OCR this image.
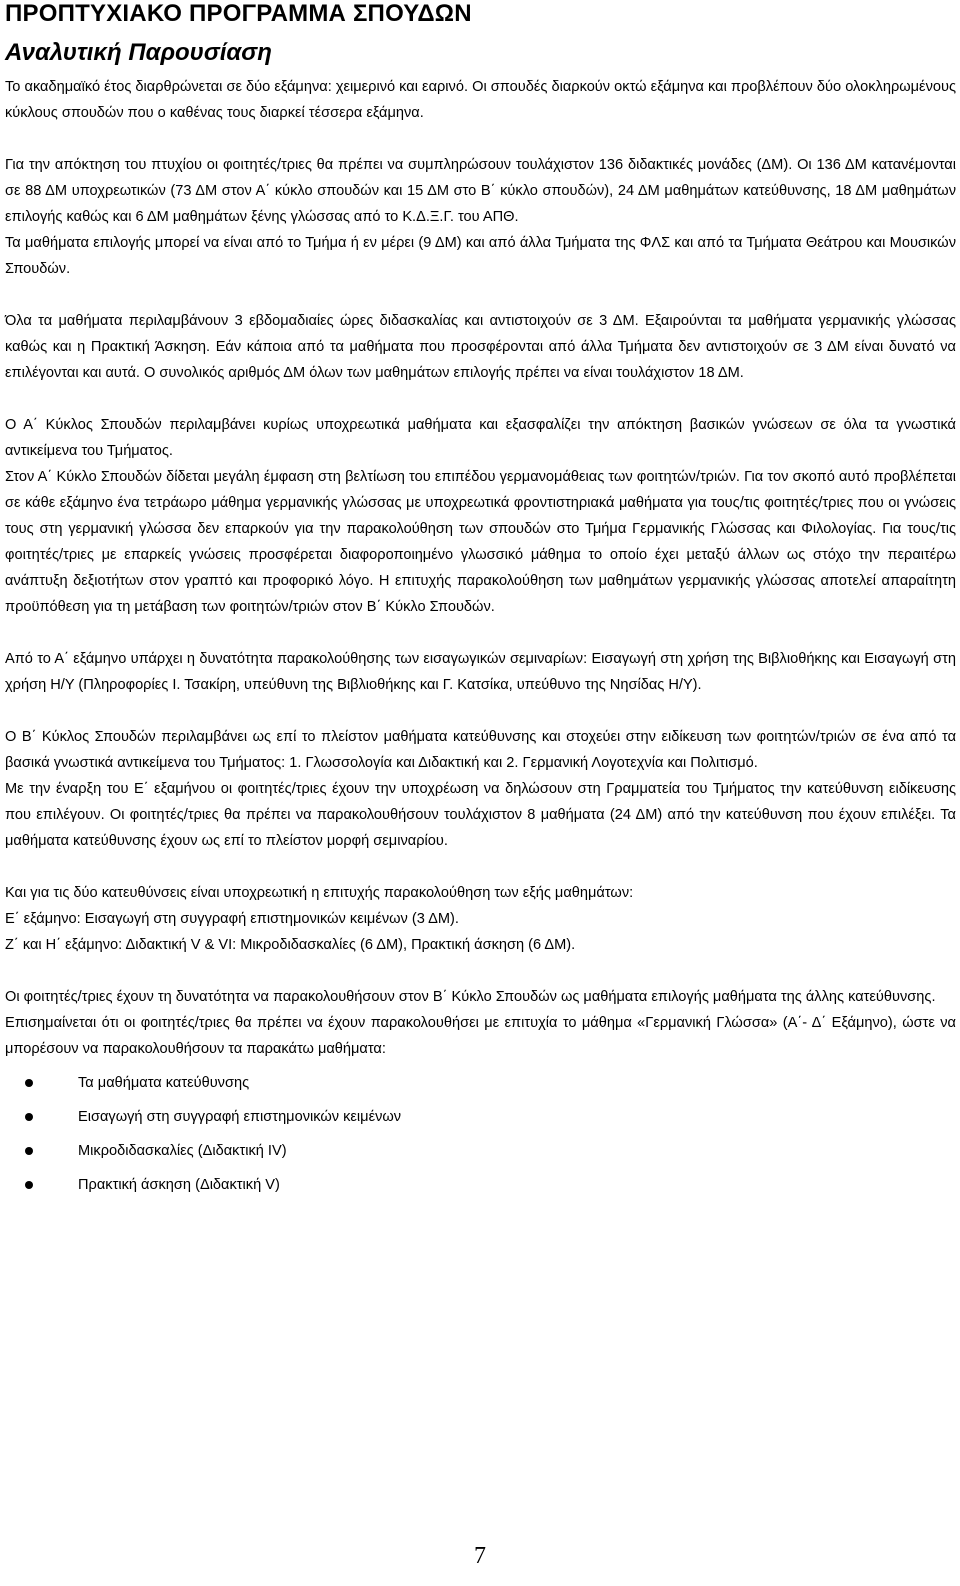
ΠΡΟΠΤΥΧΙΑΚΟ ΠΡΟΓΡΑΜΜΑ ΣΠΟΥΔΩΝ
Αναλυτική Παρουσίαση

Το ακαδημαϊκό έτος διαρθρώνεται σε δύο εξάμηνα: χειμερινό και εαρινό. Οι σπουδές διαρκούν οκτώ εξάμηνα και προβλέπουν δύο ολοκληρωμένους κύκλους σπουδών που ο καθένας τους διαρκεί τέσσερα εξάμηνα.

Για την απόκτηση του πτυχίου οι φοιτητές/τριες θα πρέπει να συμπληρώσουν τουλάχιστον 136 διδακτικές μονάδες (ΔΜ). Οι 136 ΔΜ κατανέμονται σε 88 ΔΜ υποχρεωτικών (73 ΔΜ στον Α΄ κύκλο σπουδών και 15 ΔΜ στο Β΄ κύκλο σπουδών), 24 ΔΜ μαθημάτων κατεύθυνσης, 18 ΔΜ μαθημάτων επιλογής καθώς και 6 ΔΜ μαθημάτων ξένης γλώσσας από το Κ.Δ.Ξ.Γ. του ΑΠΘ.

Τα μαθήματα επιλογής μπορεί να είναι από το Τμήμα ή εν μέρει (9 ΔΜ) και από άλλα Τμήματα της ΦΛΣ και από τα Τμήματα Θεάτρου και Μουσικών Σπουδών.

Όλα τα μαθήματα περιλαμβάνουν 3 εβδομαδιαίες ώρες διδασκαλίας και αντιστοιχούν σε 3 ΔΜ. Εξαιρούνται τα μαθήματα γερμανικής γλώσσας καθώς και η Πρακτική Άσκηση. Εάν κάποια από τα μαθήματα που προσφέρονται από άλλα Τμήματα δεν αντιστοιχούν σε 3 ΔΜ είναι δυνατό να επιλέγονται και αυτά. Ο συνολικός αριθμός ΔΜ όλων των μαθημάτων επιλογής πρέπει να είναι τουλάχιστον 18 ΔΜ.

Ο Α΄ Κύκλος Σπουδών περιλαμβάνει κυρίως υποχρεωτικά μαθήματα και εξασφαλίζει την απόκτηση βασικών γνώσεων σε όλα τα γνωστικά αντικείμενα του Τμήματος.

Στον Α΄ Κύκλο Σπουδών δίδεται μεγάλη έμφαση στη βελτίωση του επιπέδου γερμανομάθειας των φοιτητών/τριών. Για τον σκοπό αυτό προβλέπεται σε κάθε εξάμηνο ένα τετράωρο μάθημα γερμανικής γλώσσας με υποχρεωτικά φροντιστηριακά μαθήματα για τους/τις φοιτητές/τριες που οι γνώσεις τους στη γερμανική γλώσσα δεν επαρκούν για την παρακολούθηση των σπουδών στο Τμήμα Γερμανικής Γλώσσας και Φιλολογίας. Για τους/τις φοιτητές/τριες με επαρκείς γνώσεις προσφέρεται διαφοροποιημένο γλωσσικό μάθημα το οποίο έχει μεταξύ άλλων ως στόχο την περαιτέρω ανάπτυξη δεξιοτήτων στον γραπτό και προφορικό λόγο. Η επιτυχής παρακολούθηση των μαθημάτων γερμανικής γλώσσας αποτελεί απαραίτητη προϋπόθεση για τη μετάβαση των φοιτητών/τριών στον Β΄ Κύκλο Σπουδών.

Από το Α΄ εξάμηνο υπάρχει η δυνατότητα παρακολούθησης των εισαγωγικών σεμιναρίων: Εισαγωγή στη χρήση της Βιβλιοθήκης και Εισαγωγή στη χρήση Η/Υ (Πληροφορίες Ι. Τσακίρη, υπεύθυνη της Βιβλιοθήκης και Γ. Κατσίκα, υπεύθυνο της Νησίδας Η/Υ).

Ο Β΄ Κύκλος Σπουδών περιλαμβάνει ως επί το πλείστον μαθήματα κατεύθυνσης και στοχεύει στην ειδίκευση των φοιτητών/τριών σε ένα από τα βασικά γνωστικά αντικείμενα του Τμήματος: 1. Γλωσσολογία και Διδακτική και 2. Γερμανική Λογοτεχνία και Πολιτισμό.

Με την έναρξη του Ε΄ εξαμήνου οι φοιτητές/τριες έχουν την υποχρέωση να δηλώσουν στη Γραμματεία του Τμήματος την κατεύθυνση ειδίκευσης που επιλέγουν. Οι φοιτητές/τριες θα πρέπει να παρακολουθήσουν τουλάχιστον 8 μαθήματα (24 ΔΜ) από την κατεύθυνση που έχουν επιλέξει. Τα μαθήματα κατεύθυνσης έχουν ως επί το πλείστον μορφή σεμιναρίου.

Και για τις δύο κατευθύνσεις είναι υποχρεωτική η επιτυχής παρακολούθηση των εξής μαθημάτων:

Ε΄ εξάμηνο: Εισαγωγή στη συγγραφή επιστημονικών κειμένων (3 ΔΜ).

Ζ΄ και Η΄ εξάμηνο: Διδακτική V & VI: Μικροδιδασκαλίες (6 ΔΜ), Πρακτική άσκηση (6 ΔΜ).

Οι φοιτητές/τριες έχουν τη δυνατότητα να παρακολουθήσουν στον Β΄ Κύκλο Σπουδών ως μαθήματα επιλογής μαθήματα της άλλης κατεύθυνσης.

Επισημαίνεται ότι οι φοιτητές/τριες θα πρέπει να έχουν παρακολουθήσει με επιτυχία το μάθημα «Γερμανική Γλώσσα» (Α΄- Δ΄ Εξάμηνο), ώστε να μπορέσουν να παρακολουθήσουν τα παρακάτω μαθήματα:

Τα μαθήματα κατεύθυνσης
Εισαγωγή στη συγγραφή επιστημονικών κειμένων
Μικροδιδασκαλίες (Διδακτική IV)
Πρακτική άσκηση (Διδακτική V)
7
